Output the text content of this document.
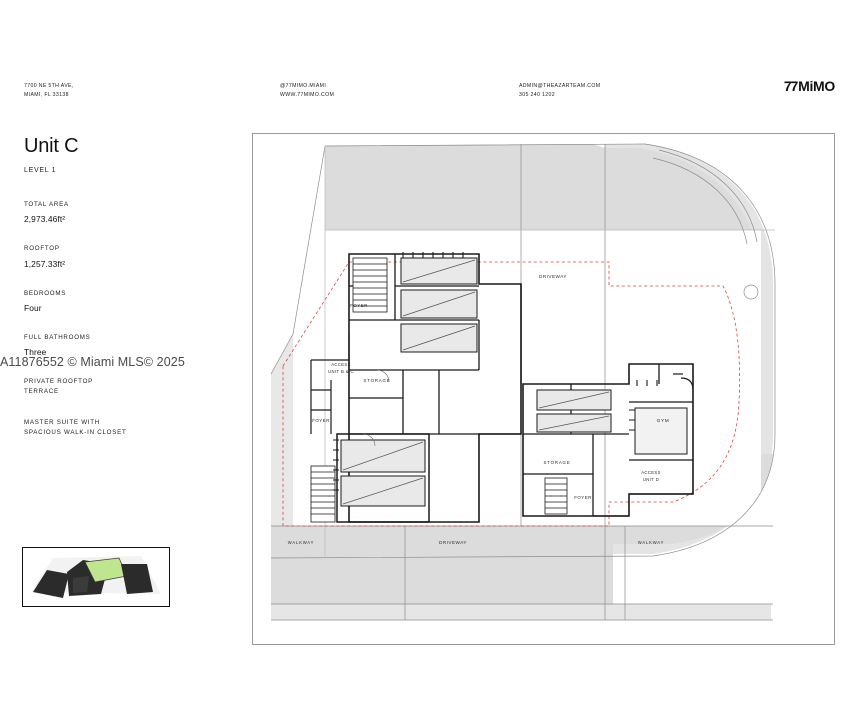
7700 NE 5TH AVE,
MIAMI, FL 33138
@77MIMO.MIAMI
WWW.77MIMO.COM
ADMIN@THEAZARTEAM.COM
305 240 1202
77 MiMO
Unit C
LEVEL 1
TOTAL AREA
2,973.46ft²
ROOFTOP
1,257.33ft²
BEDROOMS
Four
FULL BATHROOMS
Three
PRIVATE ROOFTOP
TERRACE
MASTER SUITE WITH
SPACIOUS WALK-IN CLOSET
A11876552 © Miami MLS© 2025
DRIVEWAY
DRIVEWAY
FOYER
FOYER
FOYER
ACCESS
UNIT B & C
ACCESS
UNIT D
STORAGE
STORAGE
GYM
WALKWAY	WALKWAY
